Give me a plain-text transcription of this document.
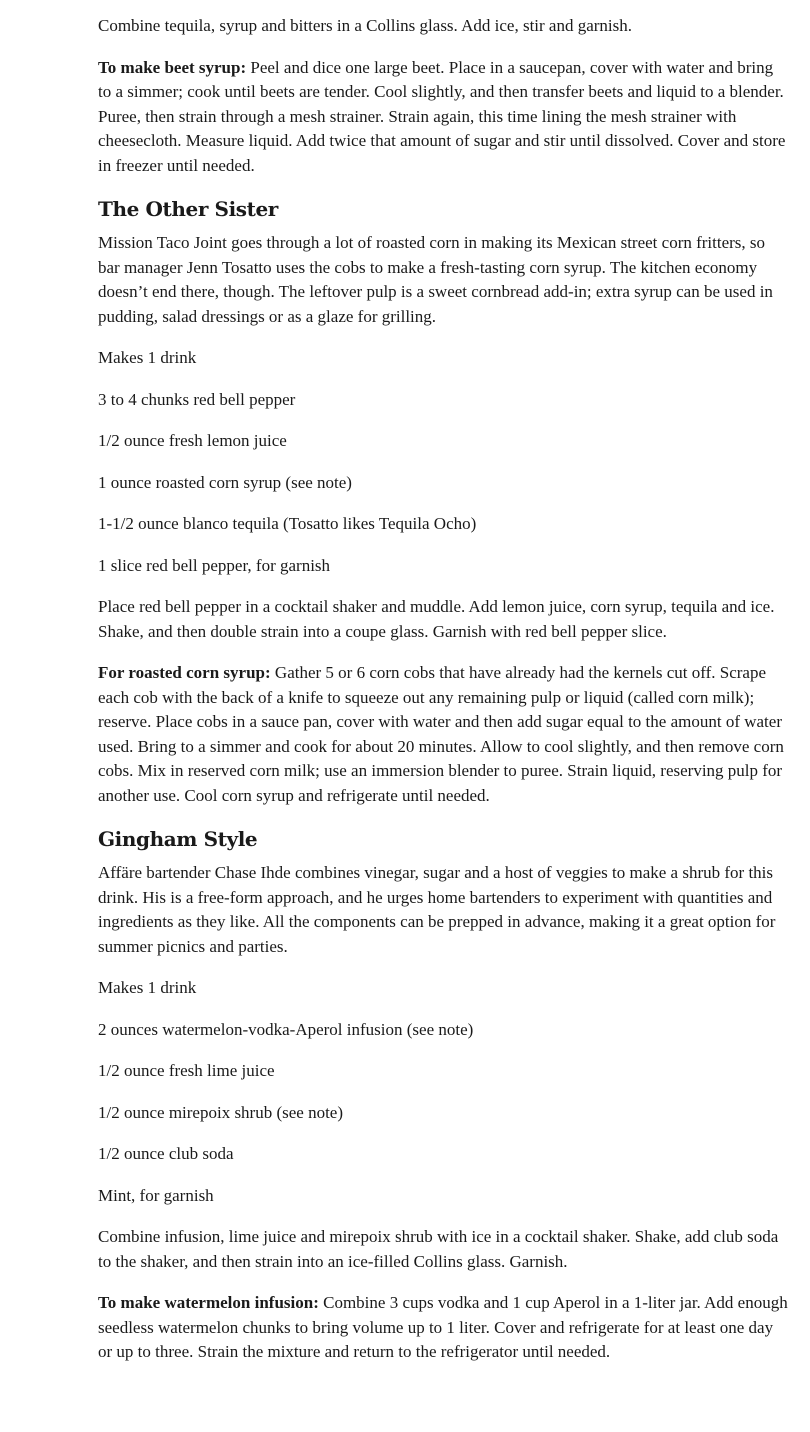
Combine tequila, syrup and bitters in a Collins glass. Add ice, stir and garnish.

To make beet syrup: Peel and dice one large beet. Place in a saucepan, cover with water and bring to a simmer; cook until beets are tender. Cool slightly, and then transfer beets and liquid to a blender. Puree, then strain through a mesh strainer. Strain again, this time lining the mesh strainer with cheesecloth. Measure liquid. Add twice that amount of sugar and stir until dissolved. Cover and store in freezer until needed.

The Other Sister

Mission Taco Joint goes through a lot of roasted corn in making its Mexican street corn fritters, so bar manager Jenn Tosatto uses the cobs to make a fresh-tasting corn syrup. The kitchen economy doesn’t end there, though. The leftover pulp is a sweet cornbread add-in; extra syrup can be used in pudding, salad dressings or as a glaze for grilling.

Makes 1 drink

3 to 4 chunks red bell pepper

1/2 ounce fresh lemon juice

1 ounce roasted corn syrup (see note)

1-1/2 ounce blanco tequila (Tosatto likes Tequila Ocho)

1 slice red bell pepper, for garnish

Place red bell pepper in a cocktail shaker and muddle. Add lemon juice, corn syrup, tequila and ice. Shake, and then double strain into a coupe glass. Garnish with red bell pepper slice.

For roasted corn syrup: Gather 5 or 6 corn cobs that have already had the kernels cut off. Scrape each cob with the back of a knife to squeeze out any remaining pulp or liquid (called corn milk); reserve. Place cobs in a sauce pan, cover with water and then add sugar equal to the amount of water used. Bring to a simmer and cook for about 20 minutes. Allow to cool slightly, and then remove corn cobs. Mix in reserved corn milk; use an immersion blender to puree. Strain liquid, reserving pulp for another use. Cool corn syrup and refrigerate until needed.

Gingham Style

Affäre bartender Chase Ihde combines vinegar, sugar and a host of veggies to make a shrub for this drink. His is a free-form approach, and he urges home bartenders to experiment with quantities and ingredients as they like. All the components can be prepped in advance, making it a great option for summer picnics and parties.

Makes 1 drink

2 ounces watermelon-vodka-Aperol infusion (see note)

1/2 ounce fresh lime juice

1/2 ounce mirepoix shrub (see note)

1/2 ounce club soda

Mint, for garnish

Combine infusion, lime juice and mirepoix shrub with ice in a cocktail shaker. Shake, add club soda to the shaker, and then strain into an ice-filled Collins glass. Garnish.

To make watermelon infusion: Combine 3 cups vodka and 1 cup Aperol in a 1-liter jar. Add enough seedless watermelon chunks to bring volume up to 1 liter. Cover and refrigerate for at least one day or up to three. Strain the mixture and return to the refrigerator until needed.
